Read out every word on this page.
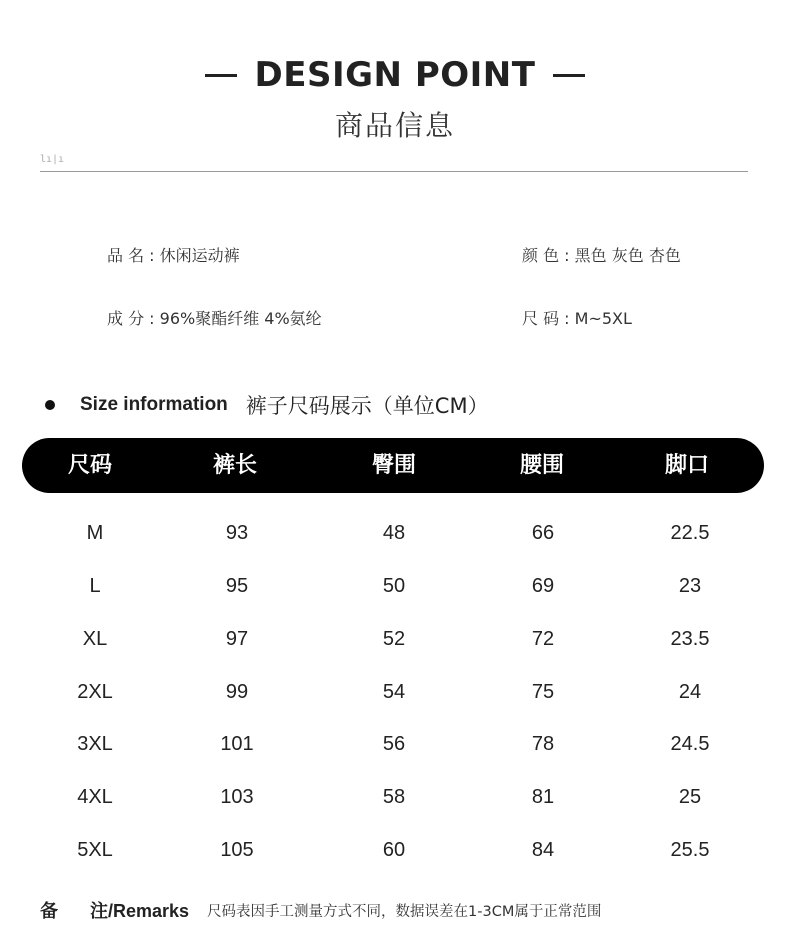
DESIGN POINT
商品信息
lı|ı
品 名 : 休闲运动裤	颜 色 : 黑色 灰色 杏色
成 分 : 96%聚酯纤维 4%氨纶	尺 码 : M~5XL
Size information 裤子尺码展示（单位CM）
尺码	裤长	臀围	腰围	脚口
M	93	48	66	22.5
L	95	50	69	23
XL	97	52	72	23.5
2XL	99	54	75	24
3XL	101	56	78	24.5
4XL	103	58	81	25
5XL	105	60	84	25.5
备 注/Remarks 尺码表因手工测量方式不同，数据误差在1-3CM属于正常范围
